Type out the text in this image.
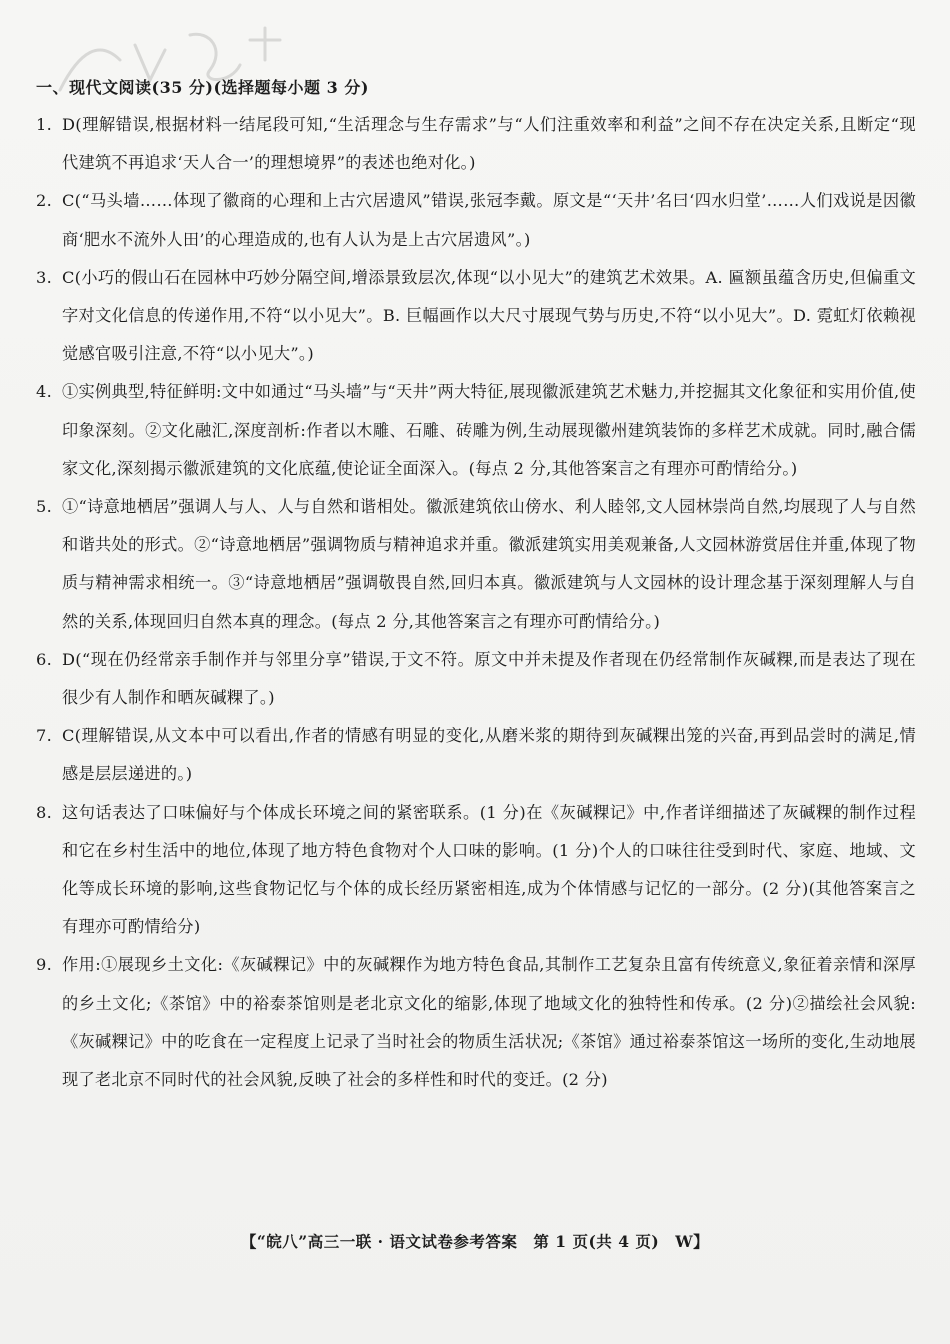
一、现代文阅读(35 分)(选择题每小题 3 分)
1. D(理解错误,根据材料一结尾段可知,“生活理念与生存需求”与“人们注重效率和利益”之间不存在决定关系,且断定“现代建筑不再追求‘天人合一’的理想境界”的表述也绝对化。)
2. C(“马头墙……体现了徽商的心理和上古穴居遗风”错误,张冠李戴。原文是“‘天井’名曰‘四水归堂’……人们戏说是因徽商‘肥水不流外人田’的心理造成的,也有人认为是上古穴居遗风”。)
3. C(小巧的假山石在园林中巧妙分隔空间,增添景致层次,体现“以小见大”的建筑艺术效果。A. 匾额虽蕴含历史,但偏重文字对文化信息的传递作用,不符“以小见大”。B. 巨幅画作以大尺寸展现气势与历史,不符“以小见大”。D. 霓虹灯依赖视觉感官吸引注意,不符“以小见大”。)
4. ①实例典型,特征鲜明:文中如通过“马头墙”与“天井”两大特征,展现徽派建筑艺术魅力,并挖掘其文化象征和实用价值,使印象深刻。②文化融汇,深度剖析:作者以木雕、石雕、砖雕为例,生动展现徽州建筑装饰的多样艺术成就。同时,融合儒家文化,深刻揭示徽派建筑的文化底蕴,使论证全面深入。(每点 2 分,其他答案言之有理亦可酌情给分。)
5. ①“诗意地栖居”强调人与人、人与自然和谐相处。徽派建筑依山傍水、利人睦邻,文人园林崇尚自然,均展现了人与自然和谐共处的形式。②“诗意地栖居”强调物质与精神追求并重。徽派建筑实用美观兼备,人文园林游赏居住并重,体现了物质与精神需求相统一。③“诗意地栖居”强调敬畏自然,回归本真。徽派建筑与人文园林的设计理念基于深刻理解人与自然的关系,体现回归自然本真的理念。(每点 2 分,其他答案言之有理亦可酌情给分。)
6. D(“现在仍经常亲手制作并与邻里分享”错误,于文不符。原文中并未提及作者现在仍经常制作灰碱粿,而是表达了现在很少有人制作和晒灰碱粿了。)
7. C(理解错误,从文本中可以看出,作者的情感有明显的变化,从磨米浆的期待到灰碱粿出笼的兴奋,再到品尝时的满足,情感是层层递进的。)
8. 这句话表达了口味偏好与个体成长环境之间的紧密联系。(1 分)在《灰碱粿记》中,作者详细描述了灰碱粿的制作过程和它在乡村生活中的地位,体现了地方特色食物对个人口味的影响。(1 分)个人的口味往往受到时代、家庭、地域、文化等成长环境的影响,这些食物记忆与个体的成长经历紧密相连,成为个体情感与记忆的一部分。(2 分)(其他答案言之有理亦可酌情给分)
9. 作用:①展现乡土文化:《灰碱粿记》中的灰碱粿作为地方特色食品,其制作工艺复杂且富有传统意义,象征着亲情和深厚的乡土文化;《茶馆》中的裕泰茶馆则是老北京文化的缩影,体现了地域文化的独特性和传承。(2 分)②描绘社会风貌:《灰碱粿记》中的吃食在一定程度上记录了当时社会的物质生活状况;《茶馆》通过裕泰茶馆这一场所的变化,生动地展现了老北京不同时代的社会风貌,反映了社会的多样性和时代的变迁。(2 分)
【“皖八”高三一联 · 语文试卷参考答案　第 1 页(共 4 页)　W】
